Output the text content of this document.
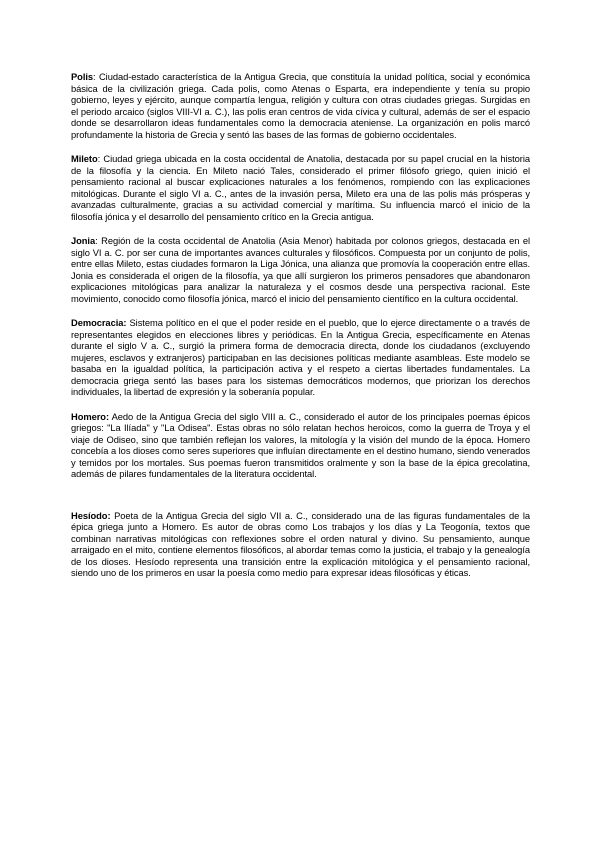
Polis: Ciudad-estado característica de la Antigua Grecia, que constituía la unidad política, social y económica básica de la civilización griega. Cada polis, como Atenas o Esparta, era independiente y tenía su propio gobierno, leyes y ejército, aunque compartía lengua, religión y cultura con otras ciudades griegas. Surgidas en el periodo arcaico (siglos VIII-VI a. C.), las polis eran centros de vida cívica y cultural, además de ser el espacio donde se desarrollaron ideas fundamentales como la democracia ateniense. La organización en polis marcó profundamente la historia de Grecia y sentó las bases de las formas de gobierno occidentales.

Mileto: Ciudad griega ubicada en la costa occidental de Anatolia, destacada por su papel crucial en la historia de la filosofía y la ciencia. En Mileto nació Tales, considerado el primer filósofo griego, quien inició el pensamiento racional al buscar explicaciones naturales a los fenómenos, rompiendo con las explicaciones mitológicas. Durante el siglo VI a. C., antes de la invasión persa, Mileto era una de las polis más prósperas y avanzadas culturalmente, gracias a su actividad comercial y marítima. Su influencia marcó el inicio de la filosofía jónica y el desarrollo del pensamiento crítico en la Grecia antigua.

Jonia: Región de la costa occidental de Anatolia (Asia Menor) habitada por colonos griegos, destacada en el siglo VI a. C. por ser cuna de importantes avances culturales y filosóficos. Compuesta por un conjunto de polis, entre ellas Mileto, estas ciudades formaron la Liga Jónica, una alianza que promovía la cooperación entre ellas. Jonia es considerada el origen de la filosofía, ya que allí surgieron los primeros pensadores que abandonaron explicaciones mitológicas para analizar la naturaleza y el cosmos desde una perspectiva racional. Este movimiento, conocido como filosofía jónica, marcó el inicio del pensamiento científico en la cultura occidental.

Democracia: Sistema político en el que el poder reside en el pueblo, que lo ejerce directamente o a través de representantes elegidos en elecciones libres y periódicas. En la Antigua Grecia, específicamente en Atenas durante el siglo V a. C., surgió la primera forma de democracia directa, donde los ciudadanos (excluyendo mujeres, esclavos y extranjeros) participaban en las decisiones políticas mediante asambleas. Este modelo se basaba en la igualdad política, la participación activa y el respeto a ciertas libertades fundamentales. La democracia griega sentó las bases para los sistemas democráticos modernos, que priorizan los derechos individuales, la libertad de expresión y la soberanía popular.

Homero: Aedo de la Antigua Grecia del siglo VIII a. C., considerado el autor de los principales poemas épicos griegos: "La Ilíada" y "La Odisea". Estas obras no sólo relatan hechos heroicos, como la guerra de Troya y el viaje de Odiseo, sino que también reflejan los valores, la mitología y la visión del mundo de la época. Homero concebía a los dioses como seres superiores que influían directamente en el destino humano, siendo venerados y temidos por los mortales. Sus poemas fueron transmitidos oralmente y son la base de la épica grecolatina, además de pilares fundamentales de la literatura occidental.

Hesíodo: Poeta de la Antigua Grecia del siglo VII a. C., considerado una de las figuras fundamentales de la épica griega junto a Homero. Es autor de obras como Los trabajos y los días y La Teogonía, textos que combinan narrativas mitológicas con reflexiones sobre el orden natural y divino. Su pensamiento, aunque arraigado en el mito, contiene elementos filosóficos, al abordar temas como la justicia, el trabajo y la genealogía de los dioses. Hesíodo representa una transición entre la explicación mitológica y el pensamiento racional, siendo uno de los primeros en usar la poesía como medio para expresar ideas filosóficas y éticas.
